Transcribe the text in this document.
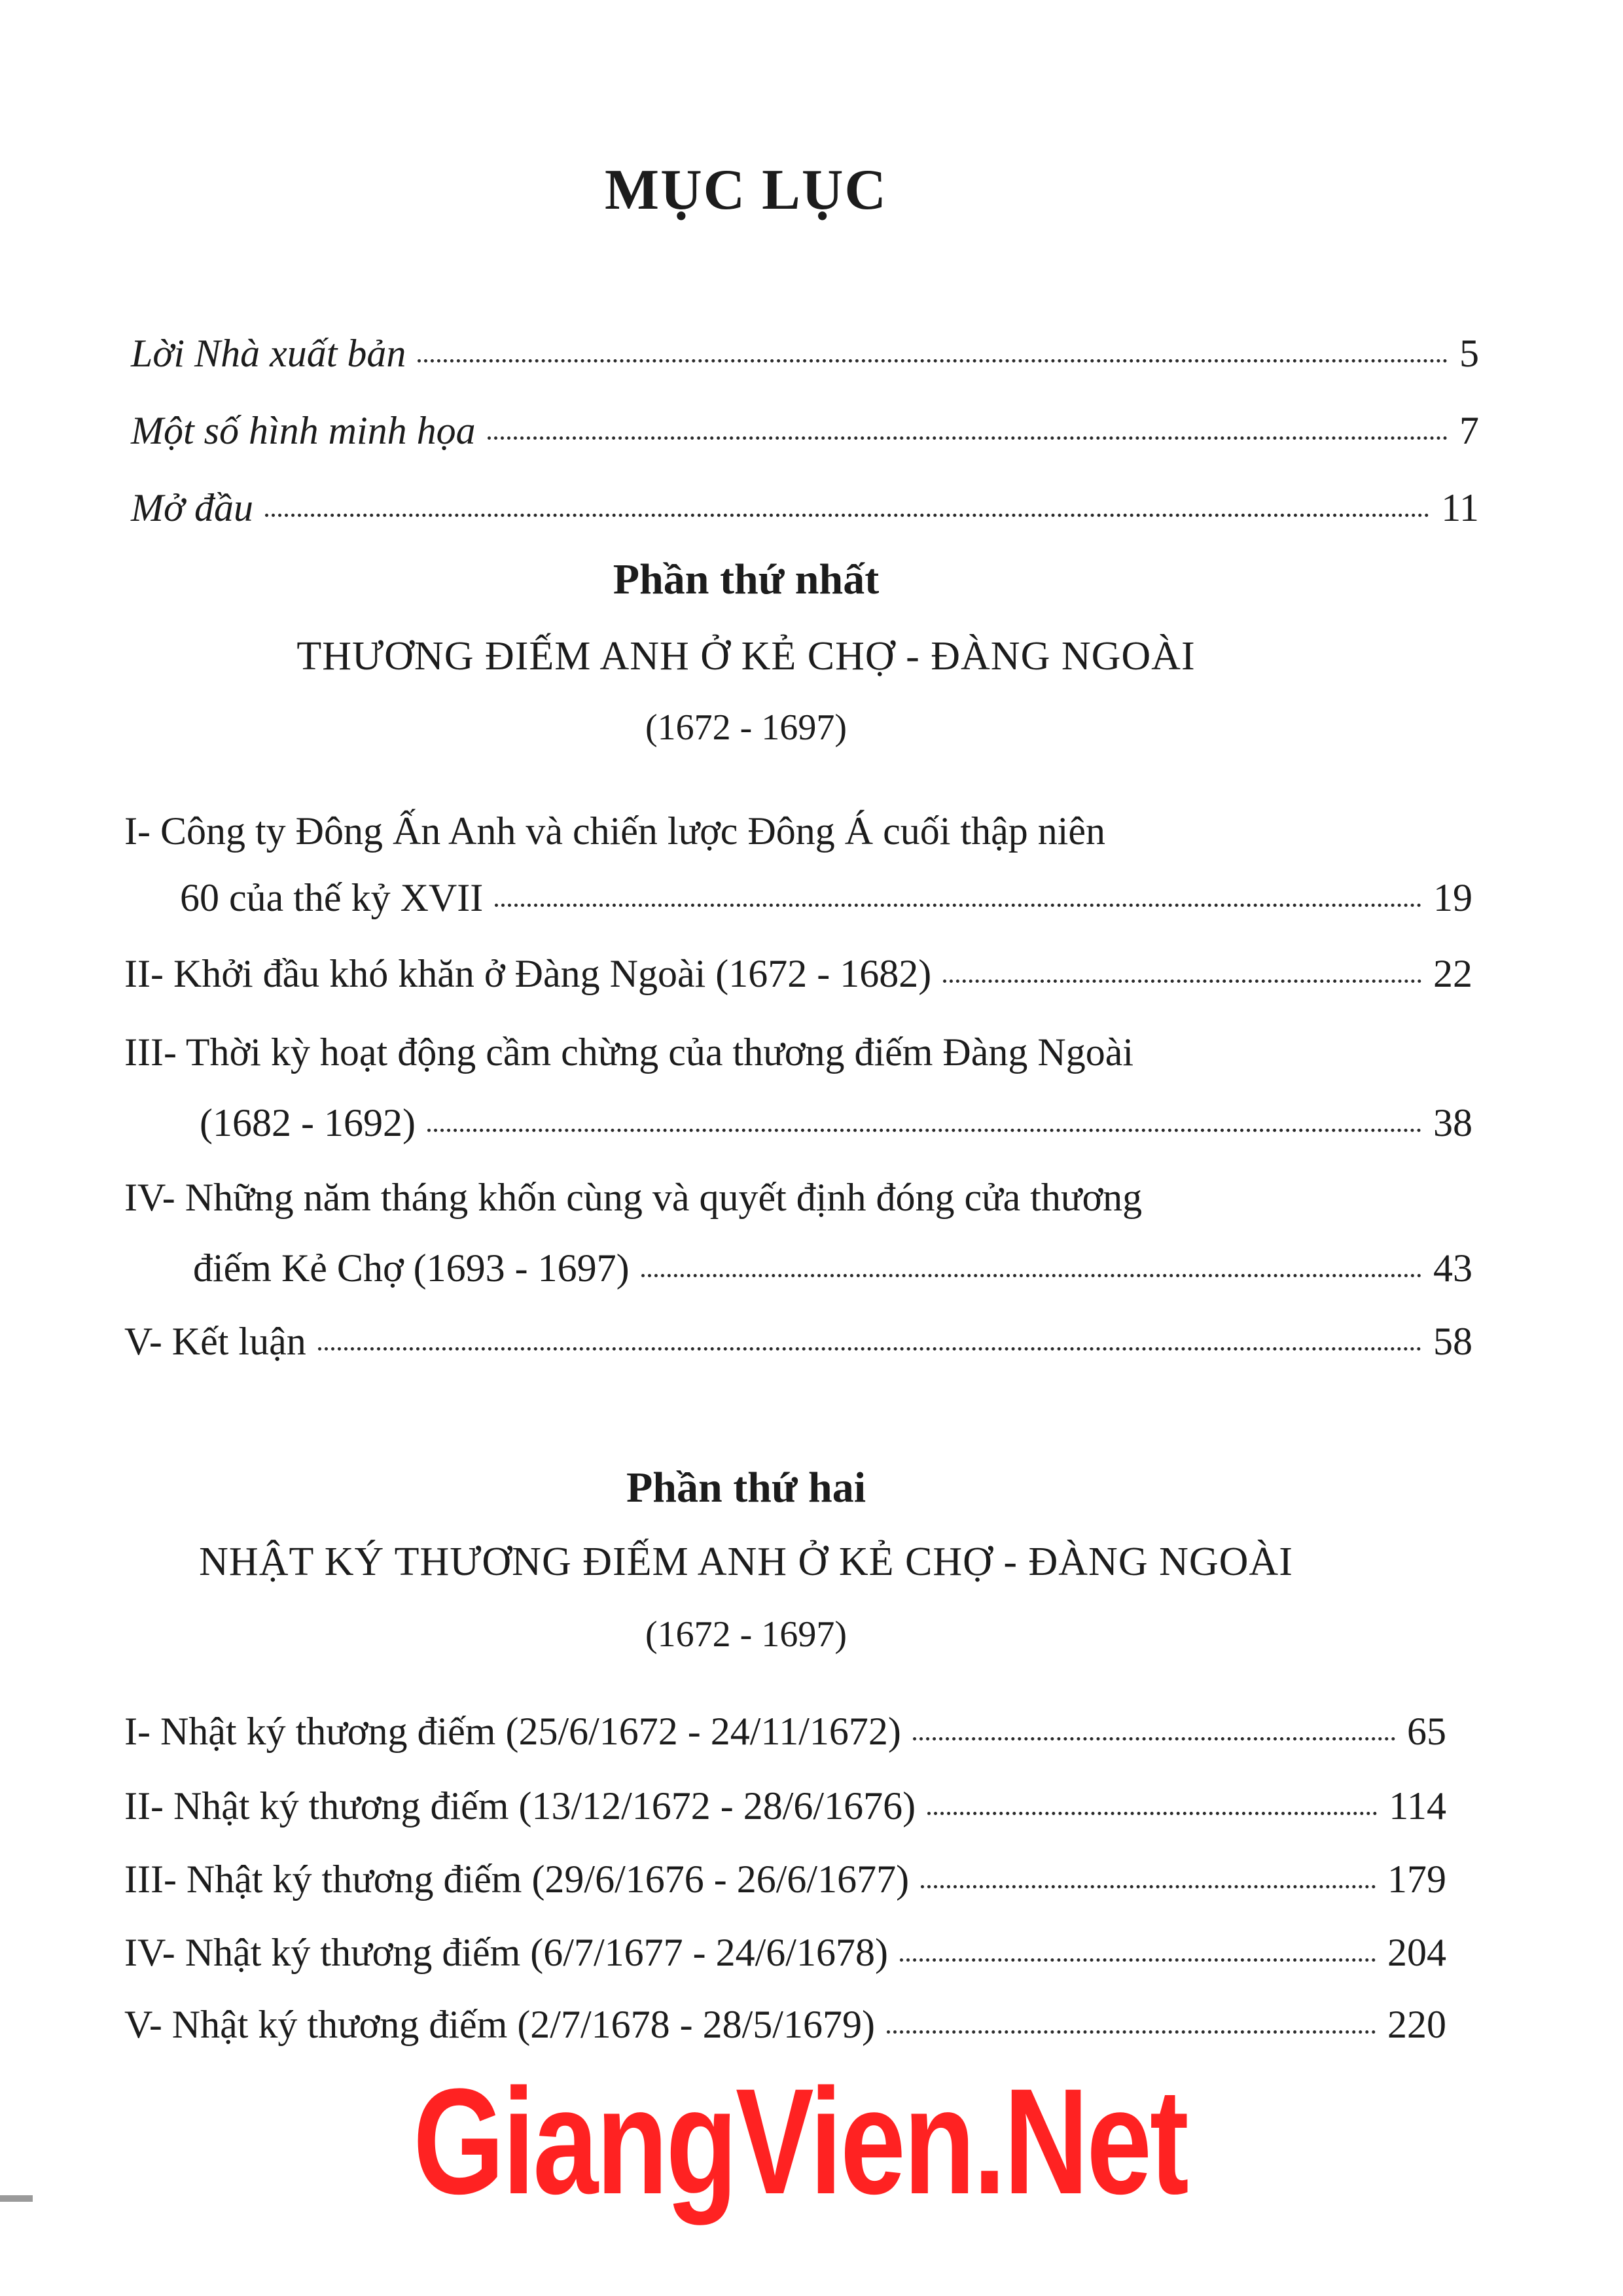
MỤC LỤC
Lời Nhà xuất bản	5
Một số hình minh họa	7
Mở đầu	11
Phần thứ nhất
THƯƠNG ĐIẾM ANH Ở KẺ CHỢ - ĐÀNG NGOÀI
(1672 - 1697)
I- Công ty Đông Ấn Anh và chiến lược Đông Á cuối thập niên
60 của thế kỷ XVII	19
II- Khởi đầu khó khăn ở Đàng Ngoài (1672 - 1682)	22
III- Thời kỳ hoạt động cầm chừng của thương điếm Đàng Ngoài
(1682 - 1692)	38
IV- Những năm tháng khốn cùng và quyết định đóng cửa thương
điếm Kẻ Chợ (1693 - 1697)	43
V- Kết luận	58
Phần thứ hai
NHẬT KÝ THƯƠNG ĐIẾM ANH Ở KẺ CHỢ - ĐÀNG NGOÀI
(1672 - 1697)
I- Nhật ký thương điếm (25/6/1672 - 24/11/1672)	65
II- Nhật ký thương điếm (13/12/1672 - 28/6/1676)	114
III- Nhật ký thương điếm (29/6/1676 - 26/6/1677)	179
IV- Nhật ký thương điếm (6/7/1677 - 24/6/1678)	204
V- Nhật ký thương điếm (2/7/1678 - 28/5/1679)	220
GiangVien.Net
